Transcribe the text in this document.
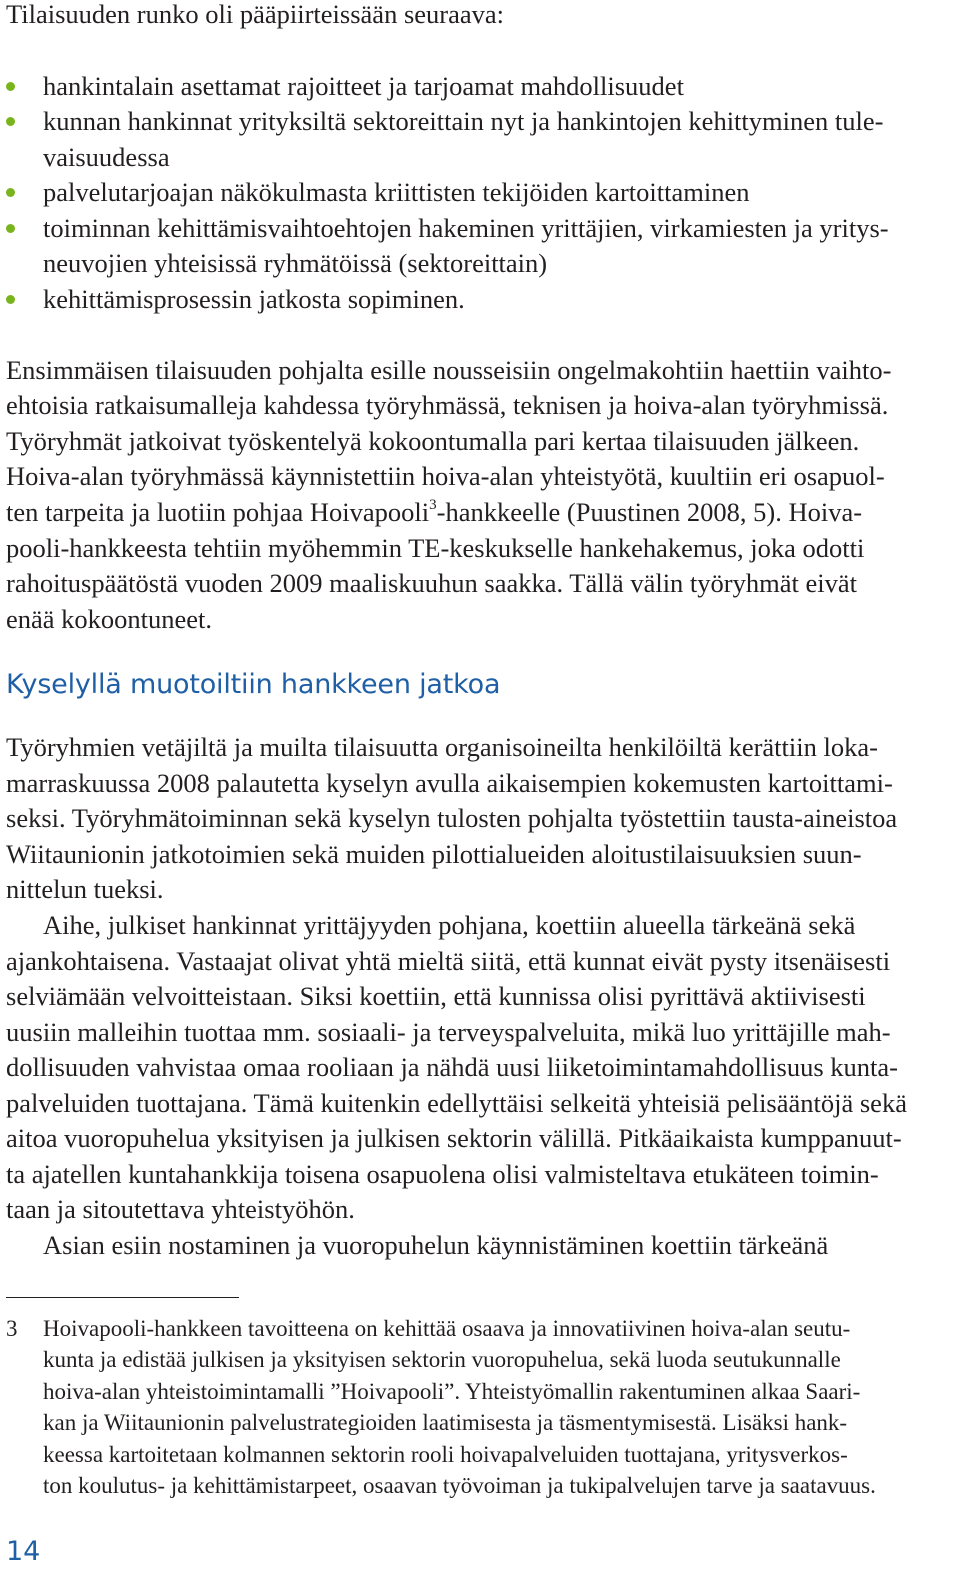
Tilaisuuden runko oli pääpiirteissään seuraava:
hankintalain asettamat rajoitteet ja tarjoamat mahdollisuudet
kunnan hankinnat yrityksiltä sektoreittain nyt ja hankintojen kehittyminen tule-
vaisuudessa
palvelutarjoajan näkökulmasta kriittisten tekijöiden kartoittaminen
toiminnan kehittämisvaihtoehtojen hakeminen yrittäjien, virkamiesten ja yritys-
neuvojien yhteisissä ryhmätöissä (sektoreittain)
kehittämisprosessin jatkosta sopiminen.
Ensimmäisen tilaisuuden pohjalta esille nousseisiin ongelmakohtiin haettiin vaihto-
ehtoisia ratkaisumalleja kahdessa työryhmässä, teknisen ja hoiva-alan työryhmissä.
Työryhmät jatkoivat työskentelyä kokoontumalla pari kertaa tilaisuuden jälkeen.
Hoiva-alan työryhmässä käynnistettiin hoiva-alan yhteistyötä, kuultiin eri osapuol-
ten tarpeita ja luotiin pohjaa Hoivapooli$^3$-hankkeelle (Puustinen 2008, 5). Hoiva-
pooli-hankkeesta tehtiin myöhemmin TE-keskukselle hankehakemus, joka odotti
rahoituspäätöstä vuoden 2009 maaliskuuhun saakka. Tällä välin työryhmät eivät
enää kokoontuneet.
Kyselyllä muotoiltiin hankkeen jatkoa
Työryhmien vetäjiltä ja muilta tilaisuutta organisoineilta henkilöiltä kerättiin loka-
marraskuussa 2008 palautetta kyselyn avulla aikaisempien kokemusten kartoittami-
seksi. Työryhmätoiminnan sekä kyselyn tulosten pohjalta työstettiin tausta-aineistoa
Wiitaunionin jatkotoimien sekä muiden pilottialueiden aloitustilaisuuksien suun-
nittelun tueksi.
Aihe, julkiset hankinnat yrittäjyyden pohjana, koettiin alueella tärkeänä sekä
ajankohtaisena. Vastaajat olivat yhtä mieltä siitä, että kunnat eivät pysty itsenäisesti
selviämään velvoitteistaan. Siksi koettiin, että kunnissa olisi pyrittävä aktiivisesti
uusiin malleihin tuottaa mm. sosiaali- ja terveyspalveluita, mikä luo yrittäjille mah-
dollisuuden vahvistaa omaa rooliaan ja nähdä uusi liiketoimintamahdollisuus kunta-
palveluiden tuottajana. Tämä kuitenkin edellyttäisi selkeitä yhteisiä pelisääntöjä sekä
aitoa vuoropuhelua yksityisen ja julkisen sektorin välillä. Pitkäaikaista kumppanuut-
ta ajatellen kuntahankkija toisena osapuolena olisi valmisteltava etukäteen toimin-
taan ja sitoutettava yhteistyöhön.
Asian esiin nostaminen ja vuoropuhelun käynnistäminen koettiin tärkeänä
3 Hoivapooli-hankkeen tavoitteena on kehittää osaava ja innovatiivinen hoiva-alan seutu-
kunta ja edistää julkisen ja yksityisen sektorin vuoropuhelua, sekä luoda seutukunnalle
hoiva-alan yhteistoimintamalli ”Hoivapooli”. Yhteistyömallin rakentuminen alkaa Saari-
kan ja Wiitaunionin palvelustrategioiden laatimisesta ja täsmentymisestä. Lisäksi hank-
keessa kartoitetaan kolmannen sektorin rooli hoivapalveluiden tuottajana, yritysverkos-
ton koulutus- ja kehittämistarpeet, osaavan työvoiman ja tukipalvelujen tarve ja saatavuus.
14
